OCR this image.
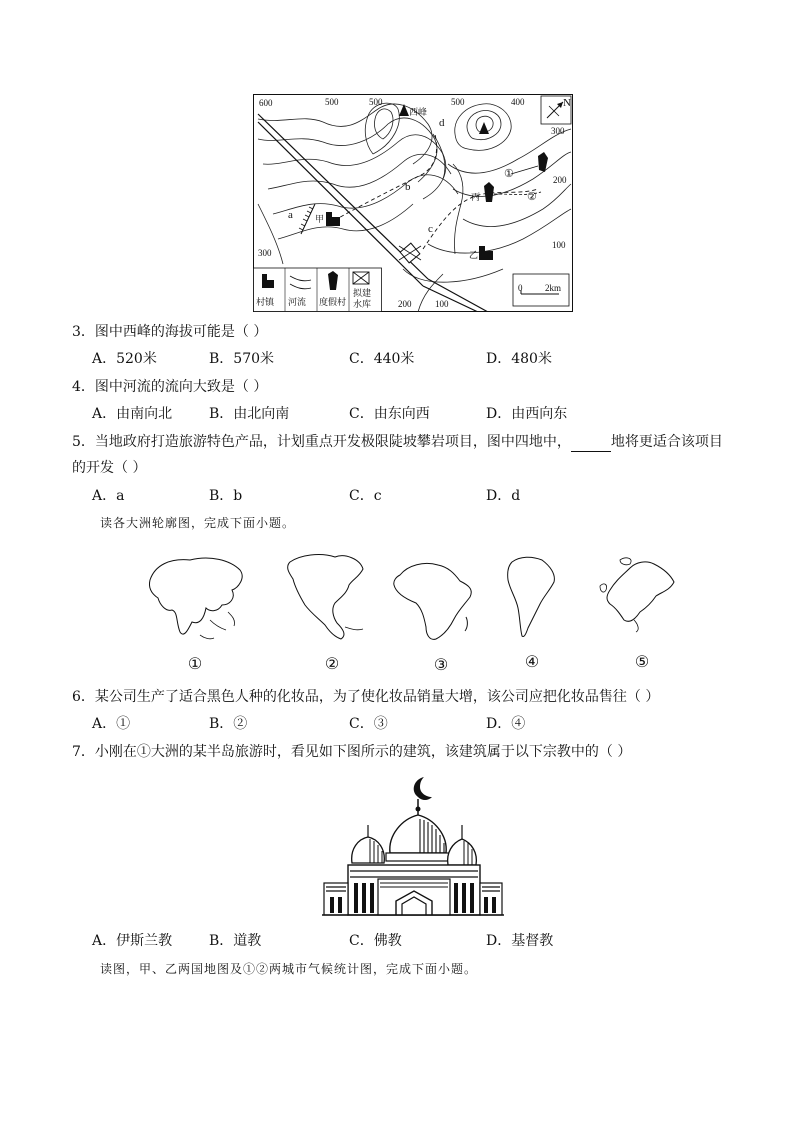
600	500	500	500	400
300
200
300
100
200	100
西峰
N
a
b
c
d
甲
乙
丙
①
②
0	2km
村镇 河流 度假村
拟建
水库
3．图中西峰的海拔可能是（ ）
A．520米	B．570米	C．440米	D．480米
4．图中河流的流向大致是（ ）
A．由南向北	B．由北向南	C．由东向西	D．由西向东
5．当地政府打造旅游特色产品，计划重点开发极限陡坡攀岩项目，图中四地中，	地将更适合该项目
的开发（ ）
A．a	B．b	C．c	D．d
读各大洲轮廓图，完成下面小题。
①	②	③	④	⑤
6．某公司生产了适合黑色人种的化妆品，为了使化妆品销量大增，该公司应把化妆品售往（ ）
A．①	B．②	C．③	D．④
7．小刚在①大洲的某半岛旅游时，看见如下图所示的建筑，该建筑属于以下宗教中的（ ）
A．伊斯兰教	B．道教	C．佛教	D．基督教
读图，甲、乙两国地图及①②两城市气候统计图，完成下面小题。
